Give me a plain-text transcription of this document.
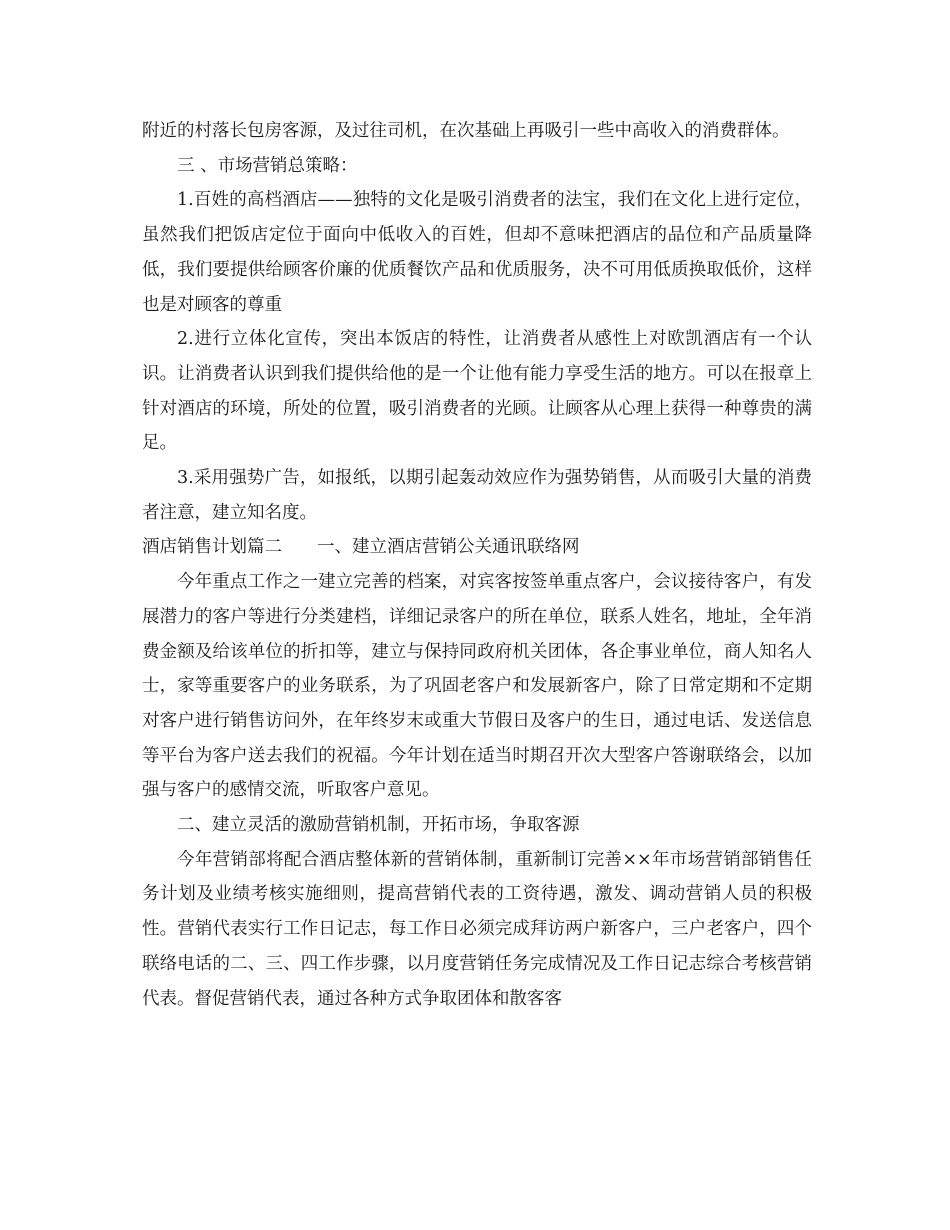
附近的村落长包房客源，及过往司机，在次基础上再吸引一些中高收入的消费群体。

三 、市场营销总策略：

1.百姓的高档酒店——独特的文化是吸引消费者的法宝，我们在文化上进行定位，虽然我们把饭店定位于面向中低收入的百姓，但却不意味把酒店的品位和产品质量降低，我们要提供给顾客价廉的优质餐饮产品和优质服务，决不可用低质换取低价，这样也是对顾客的尊重

2.进行立体化宣传，突出本饭店的特性，让消费者从感性上对欧凯酒店有一个认识。让消费者认识到我们提供给他的是一个让他有能力享受生活的地方。可以在报章上针对酒店的环境，所处的位置，吸引消费者的光顾。让顾客从心理上获得一种尊贵的满足。

3.采用强势广告，如报纸，以期引起轰动效应作为强势销售，从而吸引大量的消费者注意，建立知名度。

酒店销售计划篇二　　一、建立酒店营销公关通讯联络网

今年重点工作之一建立完善的档案，对宾客按签单重点客户，会议接待客户，有发展潜力的客户等进行分类建档，详细记录客户的所在单位，联系人姓名，地址，全年消费金额及给该单位的折扣等，建立与保持同政府机关团体，各企事业单位，商人知名人士，家等重要客户的业务联系，为了巩固老客户和发展新客户，除了日常定期和不定期对客户进行销售访问外，在年终岁末或重大节假日及客户的生日，通过电话、发送信息等平台为客户送去我们的祝福。今年计划在适当时期召开次大型客户答谢联络会，以加强与客户的感情交流，听取客户意见。

二、建立灵活的激励营销机制，开拓市场，争取客源

今年营销部将配合酒店整体新的营销体制，重新制订完善××年市场营销部销售任务计划及业绩考核实施细则，提高营销代表的工资待遇，激发、调动营销人员的积极性。营销代表实行工作日记志，每工作日必须完成拜访两户新客户，三户老客户，四个联络电话的二、三、四工作步骤，以月度营销任务完成情况及工作日记志综合考核营销代表。督促营销代表，通过各种方式争取团体和散客客
